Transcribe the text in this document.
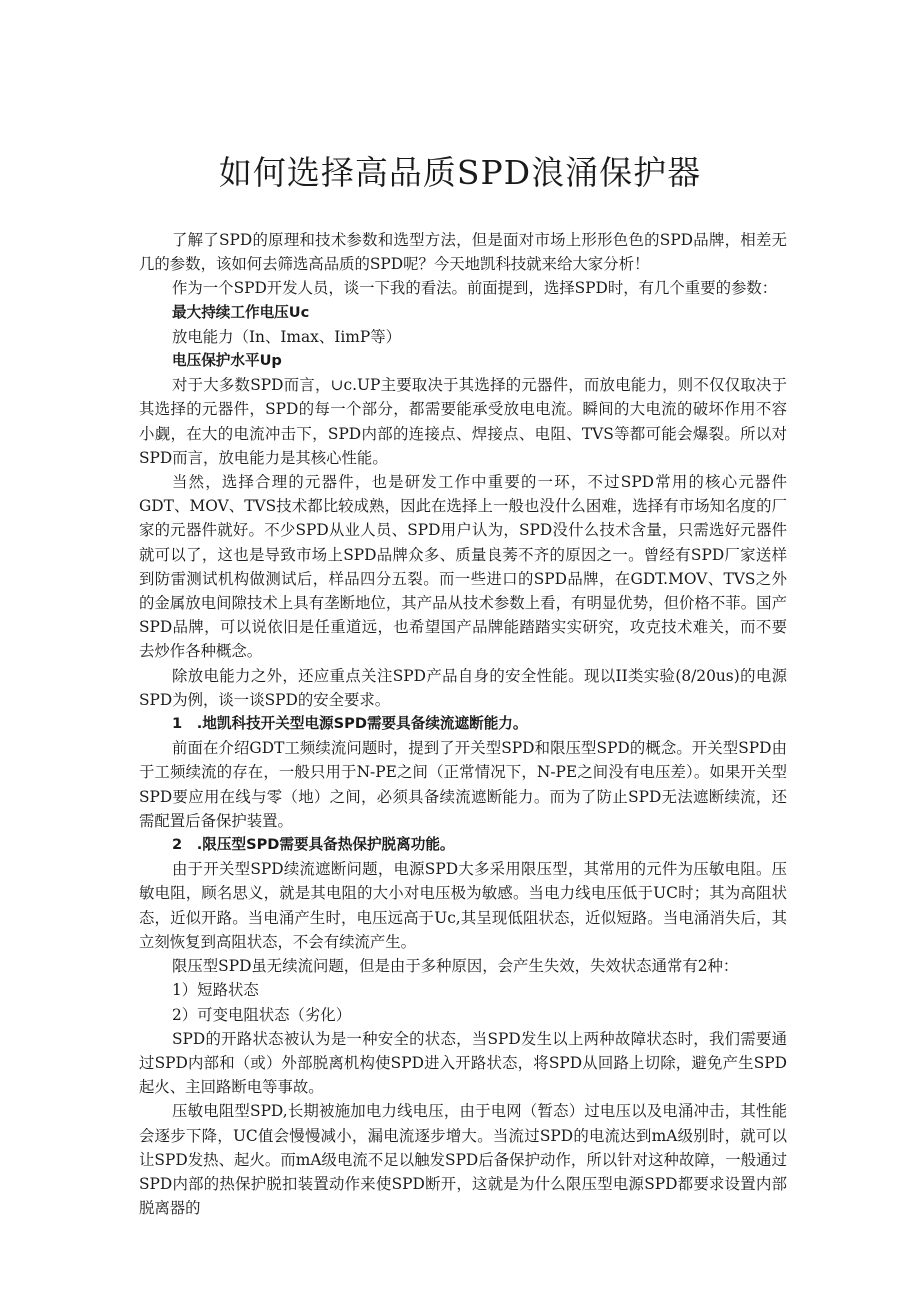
如何选择高品质SPD浪涌保护器

了解了SPD的原理和技术参数和选型方法，但是面对市场上形形色色的SPD品牌，相差无几的参数，该如何去筛选高品质的SPD呢？今天地凯科技就来给大家分析！

作为一个SPD开发人员，谈一下我的看法。前面提到，选择SPD时，有几个重要的参数：

最大持续工作电压Uc

放电能力（In、Imax、IimP等）

电压保护水平Up

对于大多数SPD而言，∪c.UP主要取决于其选择的元器件，而放电能力，则不仅仅取决于其选择的元器件，SPD的每一个部分，都需要能承受放电电流。瞬间的大电流的破坏作用不容小觑，在大的电流冲击下，SPD内部的连接点、焊接点、电阻、TVS等都可能会爆裂。所以对SPD而言，放电能力是其核心性能。

当然，选择合理的元器件，也是研发工作中重要的一环，不过SPD常用的核心元器件GDT、MOV、TVS技术都比较成熟，因此在选择上一般也没什么困难，选择有市场知名度的厂家的元器件就好。不少SPD从业人员、SPD用户认为，SPD没什么技术含量，只需选好元器件就可以了，这也是导致市场上SPD品牌众多、质量良莠不齐的原因之一。曾经有SPD厂家送样到防雷测试机构做测试后，样品四分五裂。而一些进口的SPD品牌，在GDT.MOV、TVS之外的金属放电间隙技术上具有垄断地位，其产品从技术参数上看，有明显优势，但价格不菲。国产SPD品牌，可以说依旧是任重道远，也希望国产品牌能踏踏实实研究，攻克技术难关，而不要去炒作各种概念。

除放电能力之外，还应重点关注SPD产品自身的安全性能。现以II类实验(8/20us)的电源SPD为例，谈一谈SPD的安全要求。

1　.地凯科技开关型电源SPD需要具备续流遮断能力。

前面在介绍GDT工频续流问题时，提到了开关型SPD和限压型SPD的概念。开关型SPD由于工频续流的存在，一般只用于N-PE之间（正常情况下，N-PE之间没有电压差）。如果开关型SPD要应用在线与零（地）之间，必须具备续流遮断能力。而为了防止SPD无法遮断续流，还需配置后备保护装置。

2　.限压型SPD需要具备热保护脱离功能。

由于开关型SPD续流遮断问题，电源SPD大多采用限压型，其常用的元件为压敏电阻。压敏电阻，顾名思义，就是其电阻的大小对电压极为敏感。当电力线电压低于UC时；其为高阻状态，近似开路。当电涌产生时，电压远高于Uc,其呈现低阻状态，近似短路。当电涌消失后，其立刻恢复到高阻状态，不会有续流产生。

限压型SPD虽无续流问题，但是由于多种原因，会产生失效，失效状态通常有2种：

1）短路状态

2）可变电阻状态（劣化）

SPD的开路状态被认为是一种安全的状态，当SPD发生以上两种故障状态时，我们需要通过SPD内部和（或）外部脱离机构使SPD进入开路状态，将SPD从回路上切除，避免产生SPD起火、主回路断电等事故。

压敏电阻型SPD,长期被施加电力线电压，由于电网（暂态）过电压以及电涌冲击，其性能会逐步下降，UC值会慢慢减小，漏电流逐步增大。当流过SPD的电流达到mA级别时，就可以让SPD发热、起火。而mA级电流不足以触发SPD后备保护动作，所以针对这种故障，一般通过SPD内部的热保护脱扣装置动作来使SPD断开，这就是为什么限压型电源SPD都要求设置内部脱离器的
